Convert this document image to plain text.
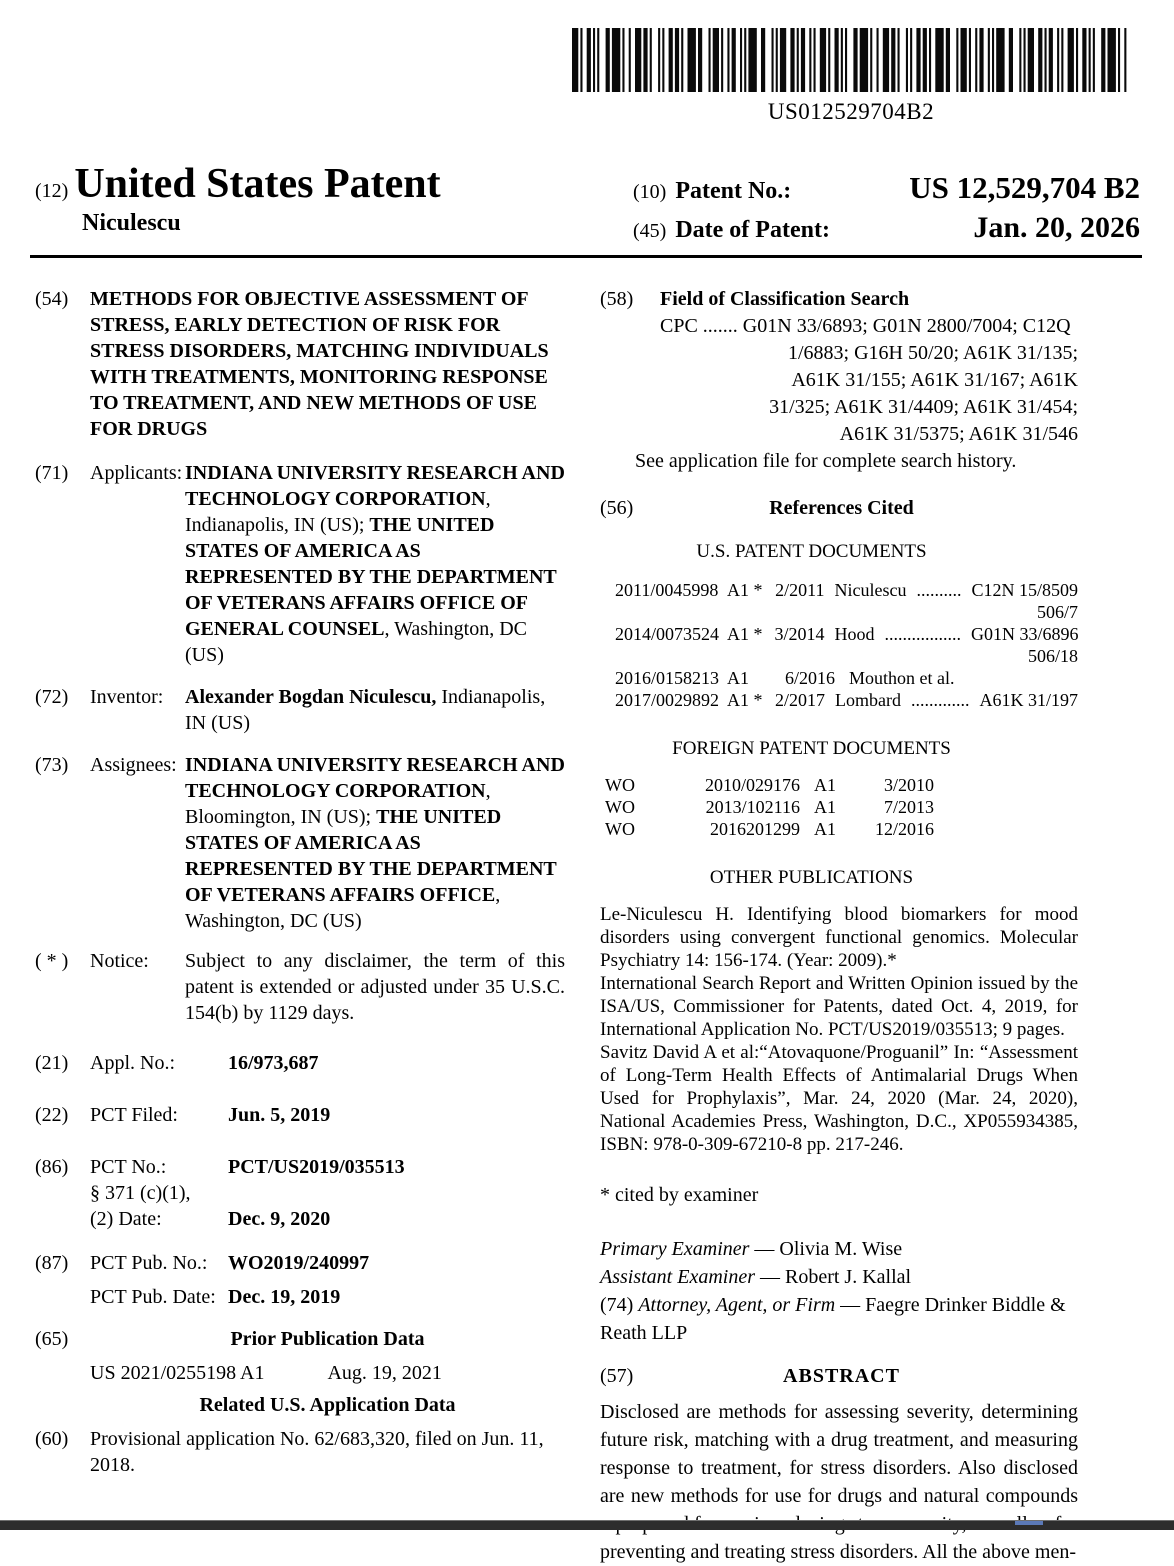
US012529704B2
(12) United States Patent
Niculescu
(10) Patent No.:	US 12,529,704 B2
(45) Date of Patent:	Jan. 20, 2026
(54)	METHODS FOR OBJECTIVE ASSESSMENT OF STRESS, EARLY DETECTION OF RISK FOR STRESS DISORDERS, MATCHING INDIVIDUALS WITH TREATMENTS, MONITORING RESPONSE TO TREATMENT, AND NEW METHODS OF USE FOR DRUGS
(71)	Applicants: INDIANA UNIVERSITY RESEARCH AND TECHNOLOGY CORPORATION, Indianapolis, IN (US); THE UNITED STATES OF AMERICA AS REPRESENTED BY THE DEPARTMENT OF VETERANS AFFAIRS OFFICE OF GENERAL COUNSEL, Washington, DC (US)
(72)	Inventor:	Alexander Bogdan Niculescu, Indianapolis, IN (US)
(73)	Assignees: INDIANA UNIVERSITY RESEARCH AND TECHNOLOGY CORPORATION, Bloomington, IN (US); THE UNITED STATES OF AMERICA AS REPRESENTED BY THE DEPARTMENT OF VETERANS AFFAIRS OFFICE, Washington, DC (US)
( * )	Notice:	Subject to any disclaimer, the term of this patent is extended or adjusted under 35 U.S.C. 154(b) by 1129 days.
(21)	Appl. No.:	16/973,687
(22)	PCT Filed:	Jun. 5, 2019
(86)	PCT No.:	PCT/US2019/035513
§ 371 (c)(1),
(2) Date:	Dec. 9, 2020
(87)	PCT Pub. No.:	WO2019/240997
PCT Pub. Date: Dec. 19, 2019
(65)	Prior Publication Data
US 2021/0255198 A1	Aug. 19, 2021
Related U.S. Application Data
(60)	Provisional application No. 62/683,320, filed on Jun. 11, 2018.
(58)	Field of Classification Search
CPC ....... G01N 33/6893; G01N 2800/7004; C12Q
1/6883; G16H 50/20; A61K 31/135;
A61K 31/155; A61K 31/167; A61K
31/325; A61K 31/4409; A61K 31/454;
A61K 31/5375; A61K 31/546
See application file for complete search history.
(56)	References Cited
U.S. PATENT DOCUMENTS
2011/0045998 A1 * 2/2011 Niculescu .......... C12N 15/8509
506/7
2014/0073524 A1 * 3/2014 Hood ................. G01N 33/6896
506/18
2016/0158213 A1	6/2016 Mouthon et al.
2017/0029892 A1 * 2/2017 Lombard ............. A61K 31/197
FOREIGN PATENT DOCUMENTS
WO	2010/029176 A1	3/2010
WO	2013/102116 A1	7/2013
WO	2016201299 A1	12/2016
OTHER PUBLICATIONS

Le-Niculescu H. Identifying blood biomarkers for mood disorders using convergent functional genomics. Molecular Psychiatry 14: 156-174. (Year: 2009).*

International Search Report and Written Opinion issued by the ISA/US, Commissioner for Patents, dated Oct. 4, 2019, for International Application No. PCT/US2019/035513; 9 pages.

Savitz David A et al:“Atovaquone/Proguanil” In: “Assessment of Long-Term Health Effects of Antimalarial Drugs When Used for Prophylaxis”, Mar. 24, 2020 (Mar. 24, 2020), National Academies Press, Washington, D.C., XP055934385, ISBN: 978-0-309-67210-8 pp. 217-246.

* cited by examiner
Primary Examiner — Olivia M. Wise
Assistant Examiner — Robert J. Kallal
(74) Attorney, Agent, or Firm — Faegre Drinker Biddle & Reath LLP
(57)	ABSTRACT
Disclosed are methods for assessing severity, determining future risk, matching with a drug treatment, and measuring response to treatment, for stress disorders. Also disclosed are new methods for use for drugs and natural compounds preventing and treating stress disorders. All the above men-
